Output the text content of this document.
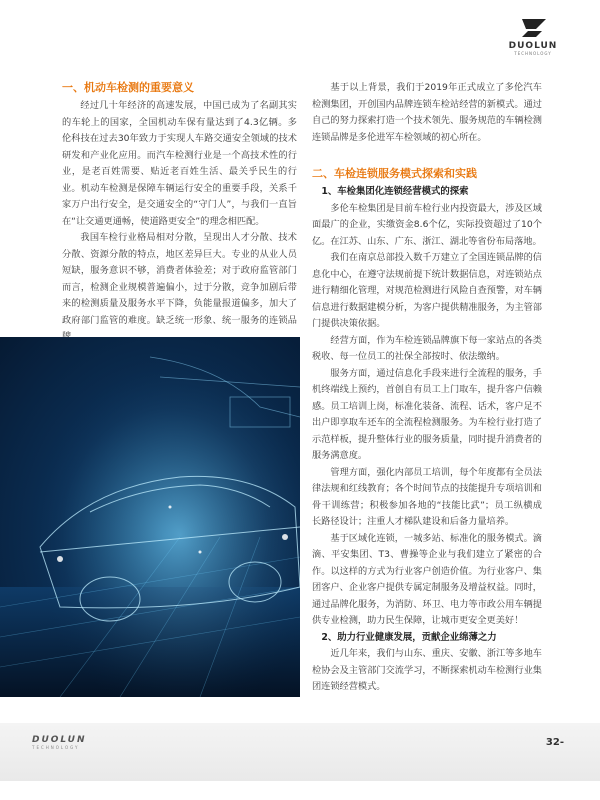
DUOLUN
TECHNOLOGY
一、机动车检测的重要意义

经过几十年经济的高速发展，中国已成为了名副其实的车轮上的国家，全国机动车保有量达到了4.3亿辆。多伦科技在过去30年致力于实现人车路交通安全领域的技术研发和产业化应用。而汽车检测行业是一个高技术性的行业，是老百姓需要、贴近老百姓生活、最关乎民生的行业。机动车检测是保障车辆运行安全的重要手段，关系千家万户出行安全，是交通安全的“守门人”，与我们一直旨在“让交通更通畅，使道路更安全”的理念相匹配。

我国车检行业格局相对分散，呈现出人才分散、技术分散、资源分散的特点，地区差异巨大。专业的从业人员短缺，服务意识不够，消费者体验差；对于政府监管部门而言，检测企业规模普遍偏小，过于分散，竞争加剧后带来的检测质量及服务水平下降，负能量报道偏多，加大了政府部门监管的难度。缺乏统一形象、统一服务的连锁品

基于以上背景，我们于2019年正式成立了多伦汽车检测集团，开创国内品牌连锁车检站经营的新模式。通过自己的努力探索打造一个技术领先、服务规范的车辆检测连锁品牌是多伦进军车检领域的初心所在。

二、车检连锁服务模式探索和实践
1、车检集团化连锁经营模式的探索

多伦车检集团是目前车检行业内投资最大，涉及区域面最广的企业，实缴资金8.6个亿，实际投资超过了10个亿。在江苏、山东、广东、浙江、湖北等省份布局落地。

我们在南京总部投入数千万建立了全国连锁品牌的信息化中心，在遵守法规前提下统计数据信息，对连锁站点进行精细化管理，对规范检测进行风险自查预警，对车辆信息进行数据建模分析，为客户提供精准服务，为主管部门提供决策依据。

经营方面，作为车检连锁品牌旗下每一家站点的各类税收、每一位员工的社保全部按时、依法缴纳。

服务方面，通过信息化手段来进行全流程的服务，手机终端线上预约，首创自有员工上门取车，提升客户信赖感。员工培训上岗，标准化装备、流程、话术，客户足不出户即享取车还车的全流程检测服务。为车检行业打造了示范样板，提升整体行业的服务质量，同时提升消费者的服务满意度。

管理方面，强化内部员工培训，每个年度都有全员法律法规和红线教育；各个时间节点的技能提升专项培训和骨干训练营；积极参加各地的“技能比武”；员工纵横成长路径设计；注重人才梯队建设和后备力量培养。

基于区域化连锁，一城多站、标准化的服务模式。滴滴、平安集团、T3、曹操等企业与我们建立了紧密的合作。以这样的方式为行业客户创造价值。为行业客户、集团客户、企业客户提供专属定制服务及增益权益。同时，通过品牌化服务，为消防、环卫、电力等市政公用车辆提供专业检测，助力民生保障，让城市更安全更美好！

2、助力行业健康发展，贡献企业绵薄之力

近几年来，我们与山东、重庆、安徽、浙江等多地车检协会及主管部门交流学习，不断探索机动车检测行业集团连锁经营模式。

DUOLUN
TECHNOLOGY	32-
